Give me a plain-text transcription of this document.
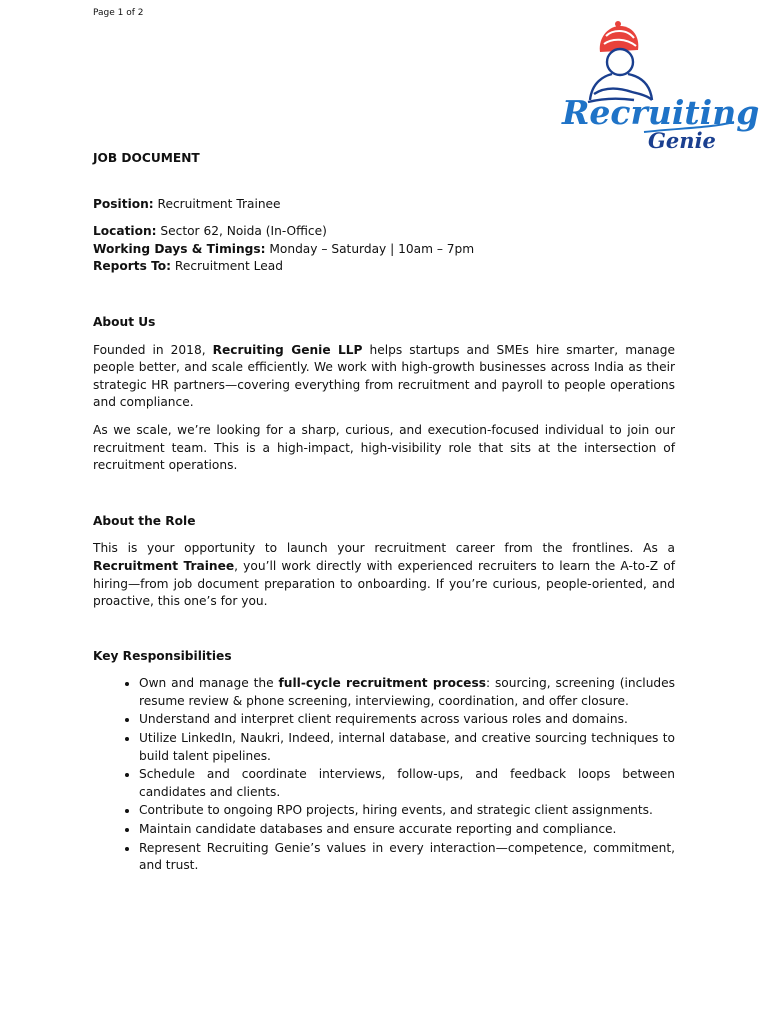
Page 1 of 2
Recruiting
Genie

JOB DOCUMENT

Position: Recruitment Trainee

Location: Sector 62, Noida (In-Office)

Working Days & Timings: Monday – Saturday | 10am – 7pm

Reports To: Recruitment Lead

About Us

Founded in 2018, Recruiting Genie LLP helps startups and SMEs hire smarter, manage people better, and scale efficiently. We work with high-growth businesses across India as their strategic HR partners—covering everything from recruitment and payroll to people operations and compliance.

As we scale, we’re looking for a sharp, curious, and execution-focused individual to join our recruitment team. This is a high-impact, high-visibility role that sits at the intersection of recruitment operations.

About the Role

This is your opportunity to launch your recruitment career from the frontlines. As a Recruitment Trainee, you’ll work directly with experienced recruiters to learn the A-to-Z of hiring—from job document preparation to onboarding. If you’re curious, people-oriented, and proactive, this one’s for you.

Key Responsibilities

• Own and manage the full-cycle recruitment process: sourcing, screening (includes resume review & phone screening, interviewing, coordination, and offer closure.
• Understand and interpret client requirements across various roles and domains.
• Utilize LinkedIn, Naukri, Indeed, internal database, and creative sourcing techniques to build talent pipelines.
• Schedule and coordinate interviews, follow-ups, and feedback loops between candidates and clients.
• Contribute to ongoing RPO projects, hiring events, and strategic client assignments.
• Maintain candidate databases and ensure accurate reporting and compliance.
• Represent Recruiting Genie’s values in every interaction—competence, commitment, and trust.
